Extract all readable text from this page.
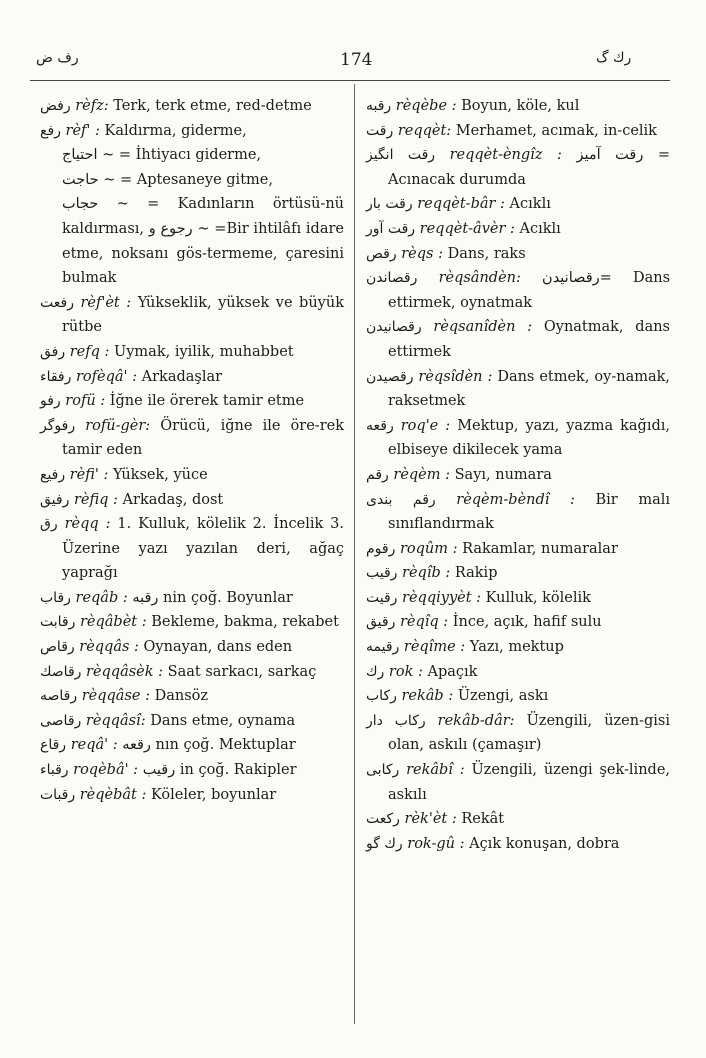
رف ض	174	رك گ

رفض rèfz: Terk, terk etme, red-detme

رفع rèf' : Kaldırma, giderme,

احتياج ~ = İhtiyacı giderme,

حاجت ~ = Aptesaneye gitme,

حجاب ~ = Kadınların örtüsü-nü kaldırması, رجوع و ~ =Bir ihtilâfı idare etme, noksanı gös-termeme, çaresini bulmak

رفعت rèf'èt : Yükseklik, yüksek ve büyük rütbe

رفق refq : Uymak, iyilik, muhabbet

رفقاء rofèqâ' : Arkadaşlar

رفو rofü : İğne ile örerek tamir etme

رفوگر rofü-gèr: Örücü, iğne ile öre-rek tamir eden

رفيع rèfi' : Yüksek, yüce

رفيق rèfiq : Arkadaş, dost

رق rèqq : 1. Kulluk, kölelik 2. İncelik 3. Üzerine yazı yazılan deri, ağaç yaprağı

رقاب reqâb : رقبه nin çoğ. Boyunlar

رقابت rèqâbèt : Bekleme, bakma, rekabet

رقاص rèqqâs : Oynayan, dans eden

رقاصك rèqqâsèk : Saat sarkacı, sarkaç

رقاصه rèqqâse : Dansöz

رقاصى rèqqâsî: Dans etme, oynama

رقاع reqâ' : رقعه nın çoğ. Mektuplar

رقباء roqèbâ' : رقيب in çoğ. Rakipler

رقبات rèqèbât : Köleler, boyunlar

رقبه rèqèbe : Boyun, köle, kul

رقت reqqèt: Merhamet, acımak, in-celik

رقت انگيز reqqèt-èngîz : رقت آميز = Acınacak durumda

رقت بار reqqèt-bâr : Acıklı

رقت آور reqqèt-âvèr : Acıklı

رقص rèqs : Dans, raks

رقصاندن rèqsândèn: رقصانيدن= Dans ettirmek, oynatmak

رقصانيدن rèqsanîdèn : Oynatmak, dans ettirmek

رقصيدن rèqsîdèn : Dans etmek, oy-namak, raksetmek

رقعه roq'e : Mektup, yazı, yazma kağıdı, elbiseye dikilecek yama

رقم rèqèm : Sayı, numara

رقم بندى rèqèm-bèndî : Bir malı sınıflandırmak

رقوم roqûm : Rakamlar, numaralar

رقيب rèqîb : Rakip

رقيت rèqqiyyèt : Kulluk, kölelik

رقيق rèqîq : İnce, açık, hafif sulu

رقيمه rèqîme : Yazı, mektup

رك rok : Apaçık

ركاب rekâb : Üzengi, askı

ركاب دار rekâb-dâr: Üzengili, üzen-gisi olan, askılı (çamaşır)

ركابى rekâbî : Üzengili, üzengi şek-linde, askılı

ركعت rèk'èt : Rekât

رك گو rok-gû : Açık konuşan, dobra
